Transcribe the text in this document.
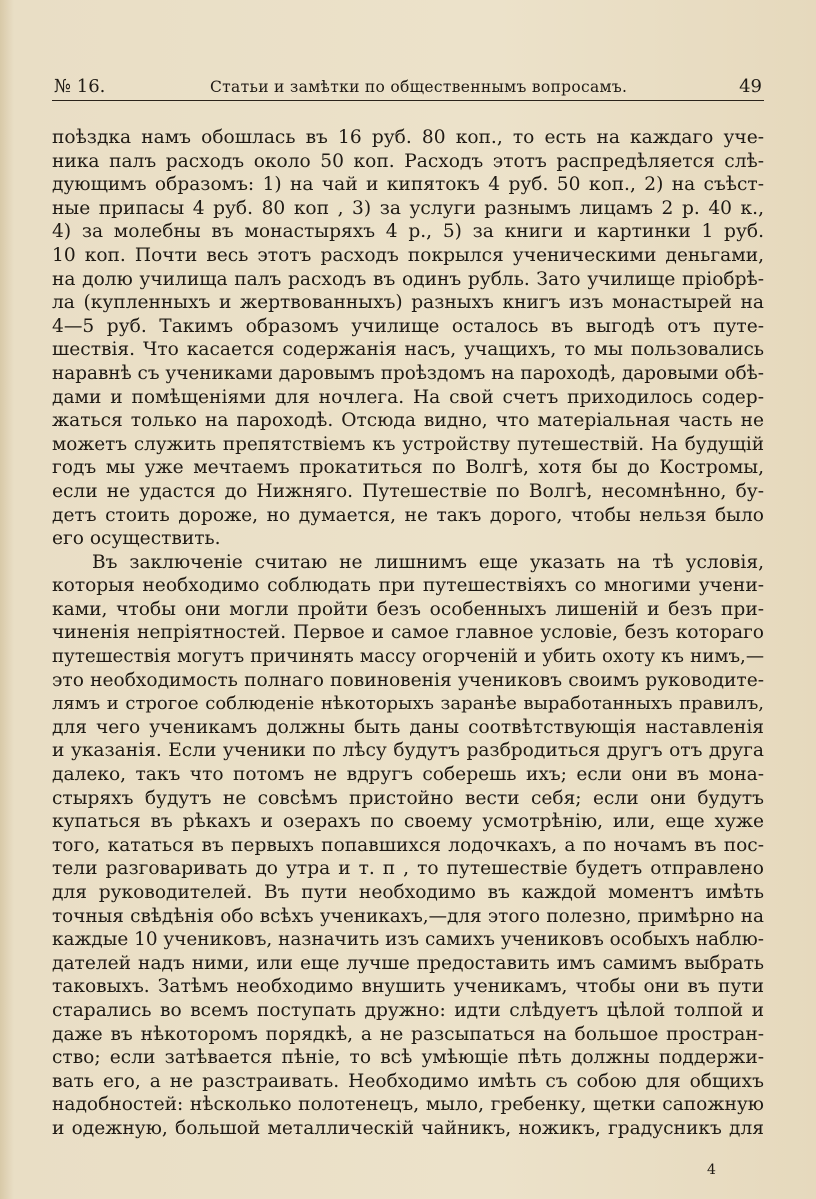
№ 16.	Статьи и замѣтки по общественнымъ вопросамъ.	49
поѣздка намъ обошлась въ 16 руб. 80 коп., то есть на каждаго уче-
ника палъ расходъ около 50 коп. Расходъ этотъ распредѣляется слѣ-
дующимъ образомъ: 1) на чай и кипятокъ 4 руб. 50 коп., 2) на съѣст-
ные припасы 4 руб. 80 коп , 3) за услуги разнымъ лицамъ 2 р. 40 к.,
4) за молебны въ монастыряхъ 4 р., 5) за книги и картинки 1 руб.
10 коп. Почти весь этотъ расходъ покрылся ученическими деньгами,
на долю училища палъ расходъ въ одинъ рубль. Зато училище пріобрѣ-
ла (купленныхъ и жертвованныхъ) разныхъ книгъ изъ монастырей на
4—5 руб. Такимъ образомъ училище осталось въ выгодѣ отъ путе-
шествія. Что касается содержанія насъ, учащихъ, то мы пользовались
наравнѣ съ учениками даровымъ проѣздомъ на пароходѣ, даровыми обѣ-
дами и помѣщеніями для ночлега. На свой счетъ приходилось содер-
жаться только на пароходѣ. Отсюда видно, что матеріальная часть не
можетъ служить препятствіемъ къ устройству путешествій. На будущій
годъ мы уже мечтаемъ прокатиться по Волгѣ, хотя бы до Костромы,
если не удастся до Нижняго. Путешествіе по Волгѣ, несомнѣнно, бу-
детъ стоить дороже, но думается, не такъ дорого, чтобы нельзя было
его осуществить.
Въ заключеніе считаю не лишнимъ еще указать на тѣ условія,
которыя необходимо соблюдать при путешествіяхъ со многими учени-
ками, чтобы они могли пройти безъ особенныхъ лишеній и безъ при-
чиненія непріятностей. Первое и самое главное условіе, безъ котораго
путешествія могутъ причинять массу огорченій и убить охоту къ нимъ,—
это необходимость полнаго повиновенія учениковъ своимъ руководите-
лямъ и строгое соблюденіе нѣкоторыхъ заранѣе выработанныхъ правилъ,
для чего ученикамъ должны быть даны соотвѣтствующія наставленія
и указанія. Если ученики по лѣсу будутъ разбродиться другъ отъ друга
далеко, такъ что потомъ не вдругъ соберешь ихъ; если они въ мона-
стыряхъ будутъ не совсѣмъ пристойно вести себя; если они будутъ
купаться въ рѣкахъ и озерахъ по своему усмотрѣнію, или, еще хуже
того, кататься въ первыхъ попавшихся лодочкахъ, а по ночамъ въ пос-
тели разговаривать до утра и т. п , то путешествіе будетъ отправлено
для руководителей. Въ пути необходимо въ каждой моментъ имѣть
точныя свѣдѣнія обо всѣхъ ученикахъ,—для этого полезно, примѣрно на
каждые 10 учениковъ, назначить изъ самихъ учениковъ особыхъ наблю-
дателей надъ ними, или еще лучше предоставить имъ самимъ выбрать
таковыхъ. Затѣмъ необходимо внушить ученикамъ, чтобы они въ пути
старались во всемъ поступать дружно: идти слѣдуетъ цѣлой толпой и
даже въ нѣкоторомъ порядкѣ, а не разсыпаться на большое простран-
ство; если затѣвается пѣніе, то всѣ умѣющіе пѣть должны поддержи-
вать его, а не разстраивать. Необходимо имѣть съ собою для общихъ
надобностей: нѣсколько полотенецъ, мыло, гребенку, щетки сапожную
и одежную, большой металлическій чайникъ, ножикъ, градусникъ для
4
